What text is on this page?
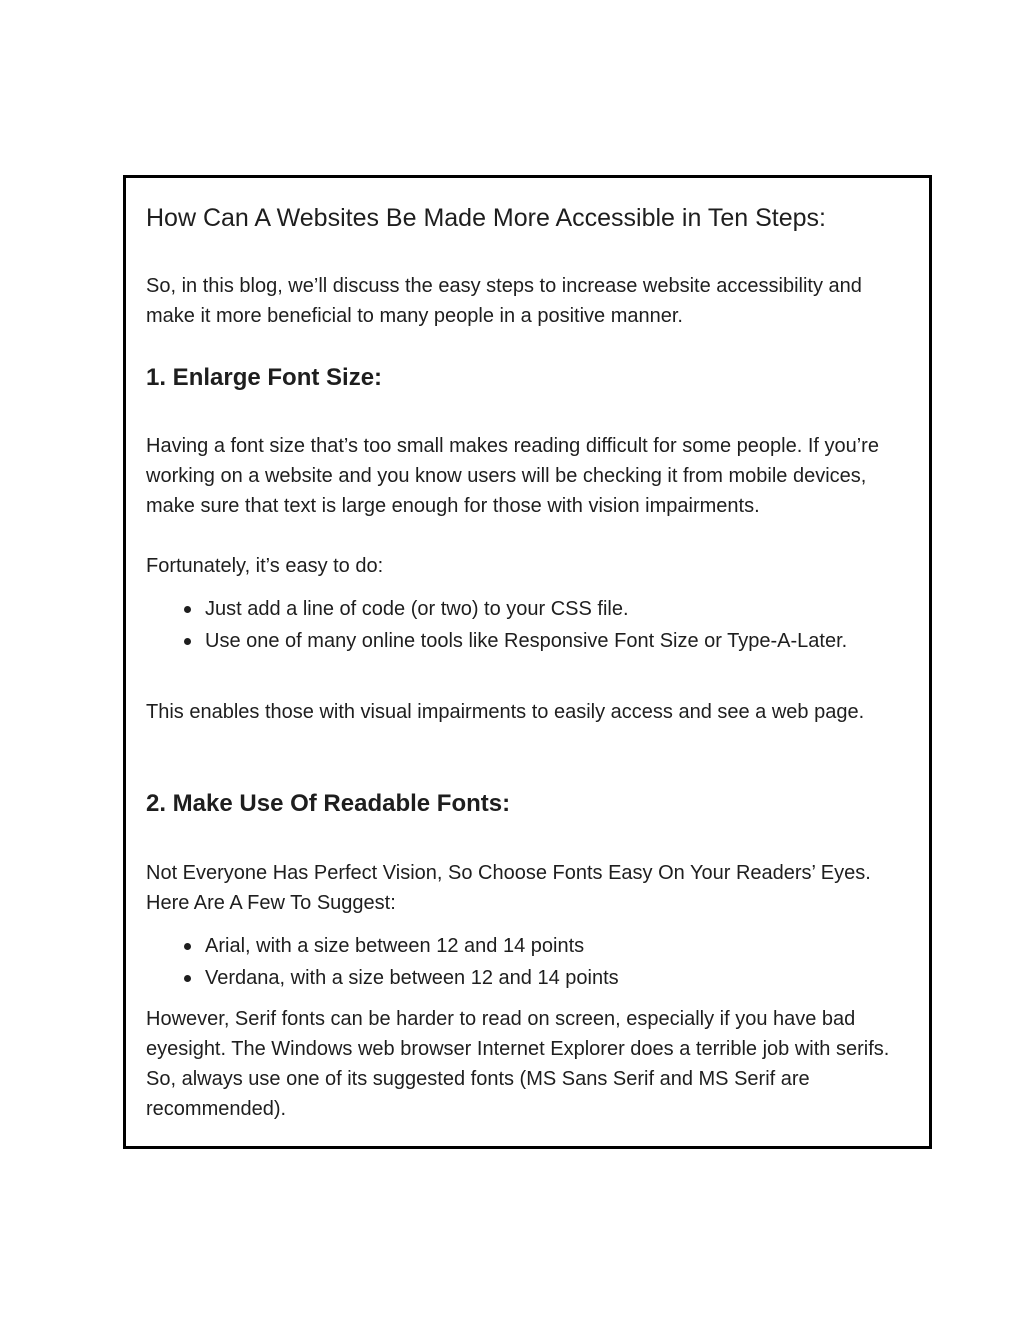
How Can A Websites Be Made More Accessible in Ten Steps:

So, in this blog, we’ll discuss the easy steps to increase website accessibility and make it more beneficial to many people in a positive manner.

1. Enlarge Font Size:

Having a font size that’s too small makes reading difficult for some people. If you’re working on a website and you know users will be checking it from mobile devices, make sure that text is large enough for those with vision impairments.

Fortunately, it’s easy to do:

Just add a line of code (or two) to your CSS file.
Use one of many online tools like Responsive Font Size or Type-A-Later.

This enables those with visual impairments to easily access and see a web page.

2. Make Use Of Readable Fonts:

Not Everyone Has Perfect Vision, So Choose Fonts Easy On Your Readers’ Eyes. Here Are A Few To Suggest:

Arial, with a size between 12 and 14 points
Verdana, with a size between 12 and 14 points

However, Serif fonts can be harder to read on screen, especially if you have bad eyesight. The Windows web browser Internet Explorer does a terrible job with serifs. So, always use one of its suggested fonts (MS Sans Serif and MS Serif are recommended).
